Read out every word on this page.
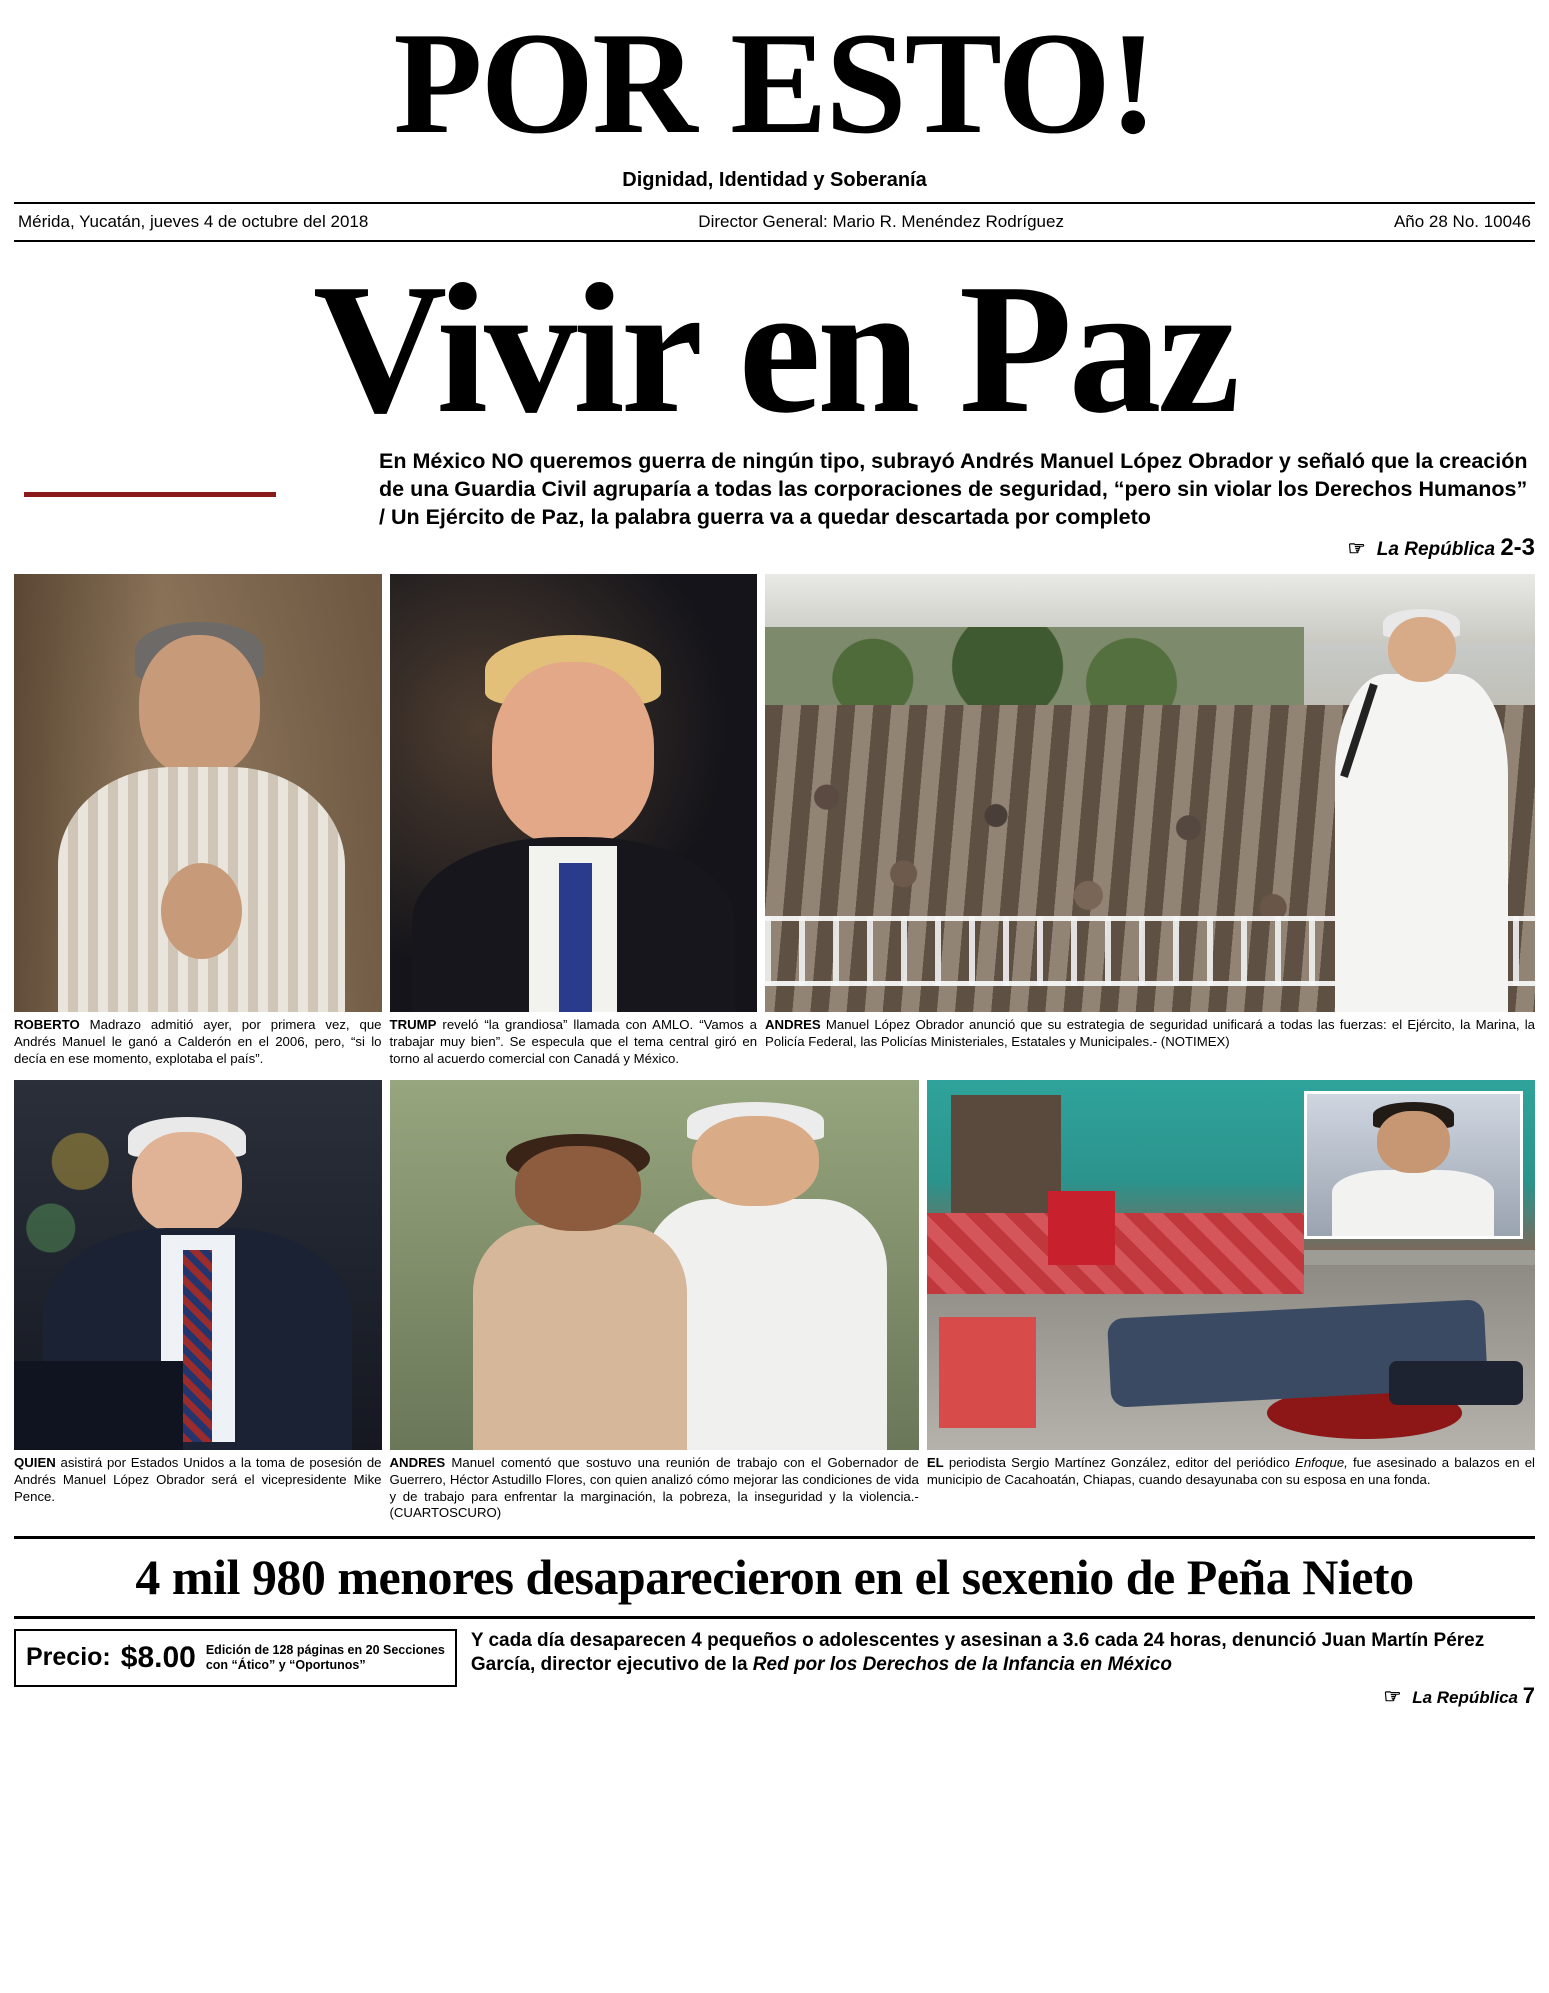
POR ESTO!
Dignidad, Identidad y Soberanía
Mérida, Yucatán, jueves 4 de octubre del 2018	Director General: Mario R. Menéndez Rodríguez	Año 28 No. 10046
Vivir en Paz
En México NO queremos guerra de ningún tipo, subrayó Andrés Manuel López Obrador y señaló que la creación de una Guardia Civil agruparía a todas las corporaciones de seguridad, “pero sin violar los Derechos Humanos” / Un Ejército de Paz, la palabra guerra va a quedar descartada por completo
☞ La República 2-3
ROBERTO Madrazo admitió ayer, por primera vez, que Andrés Manuel le ganó a Calderón en el 2006, pero, “si lo decía en ese momento, explotaba el país”.
TRUMP reveló “la grandiosa” llamada con AMLO. “Vamos a trabajar muy bien”. Se especula que el tema central giró en torno al acuerdo comercial con Canadá y México.
ANDRES Manuel López Obrador anunció que su estrategia de seguridad unificará a todas las fuerzas: el Ejército, la Marina, la Policía Federal, las Policías Ministeriales, Estatales y Municipales.- (NOTIMEX)
QUIEN asistirá por Estados Unidos a la toma de posesión de Andrés Manuel López Obrador será el vicepresidente Mike Pence.
ANDRES Manuel comentó que sostuvo una reunión de trabajo con el Gobernador de Guerrero, Héctor Astudillo Flores, con quien analizó cómo mejorar las condiciones de vida y de trabajo para enfrentar la marginación, la pobreza, la inseguridad y la violencia.- (CUARTOSCURO)
EL periodista Sergio Martínez González, editor del periódico Enfoque, fue asesinado a balazos en el municipio de Cacahoatán, Chiapas, cuando desayunaba con su esposa en una fonda.
4 mil 980 menores desaparecieron en el sexenio de Peña Nieto
Precio: $8.00 Edición de 128 páginas en 20 Secciones
con “Ático” y “Oportunos”
Y cada día desaparecen 4 pequeños o adolescentes y asesinan a 3.6 cada 24 horas, denunció Juan Martín Pérez García, director ejecutivo de la Red por los Derechos de la Infancia en México
☞ La República 7
